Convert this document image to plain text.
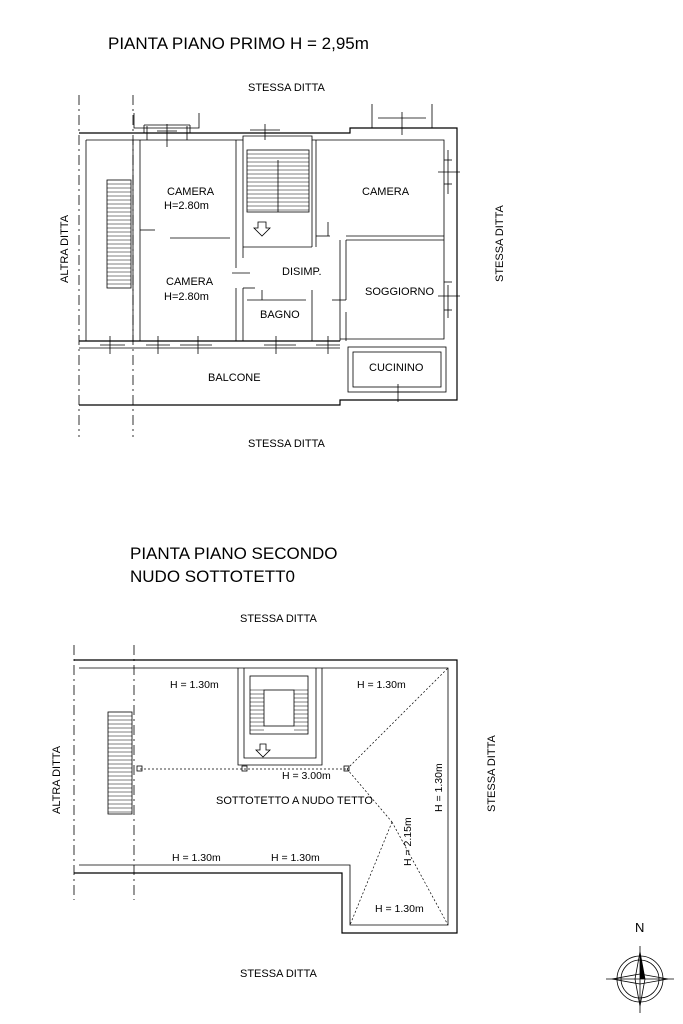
PIANTA PIANO PRIMO H = 2,95m
STESSA DITTA
STESSA DITTA
ALTRA DITTA	STESSA DITTA
CAMERA
H=2.80m
CAMERA
H=2.80m
CAMERA
DISIMP.
SOGGIORNO
BAGNO
CUCININO
BALCONE
PIANTA PIANO SECONDO
NUDO SOTTOTETT0
STESSA DITTA
STESSA DITTA
ALTRA DITTA	STESSA DITTA
SOTTOTETTO A NUDO TETTO
H = 1.30m	H = 1.30m
H = 3.00m	H = 1.30m
H = 2.15m
H = 1.30m	H = 1.30m
H = 1.30m
N
